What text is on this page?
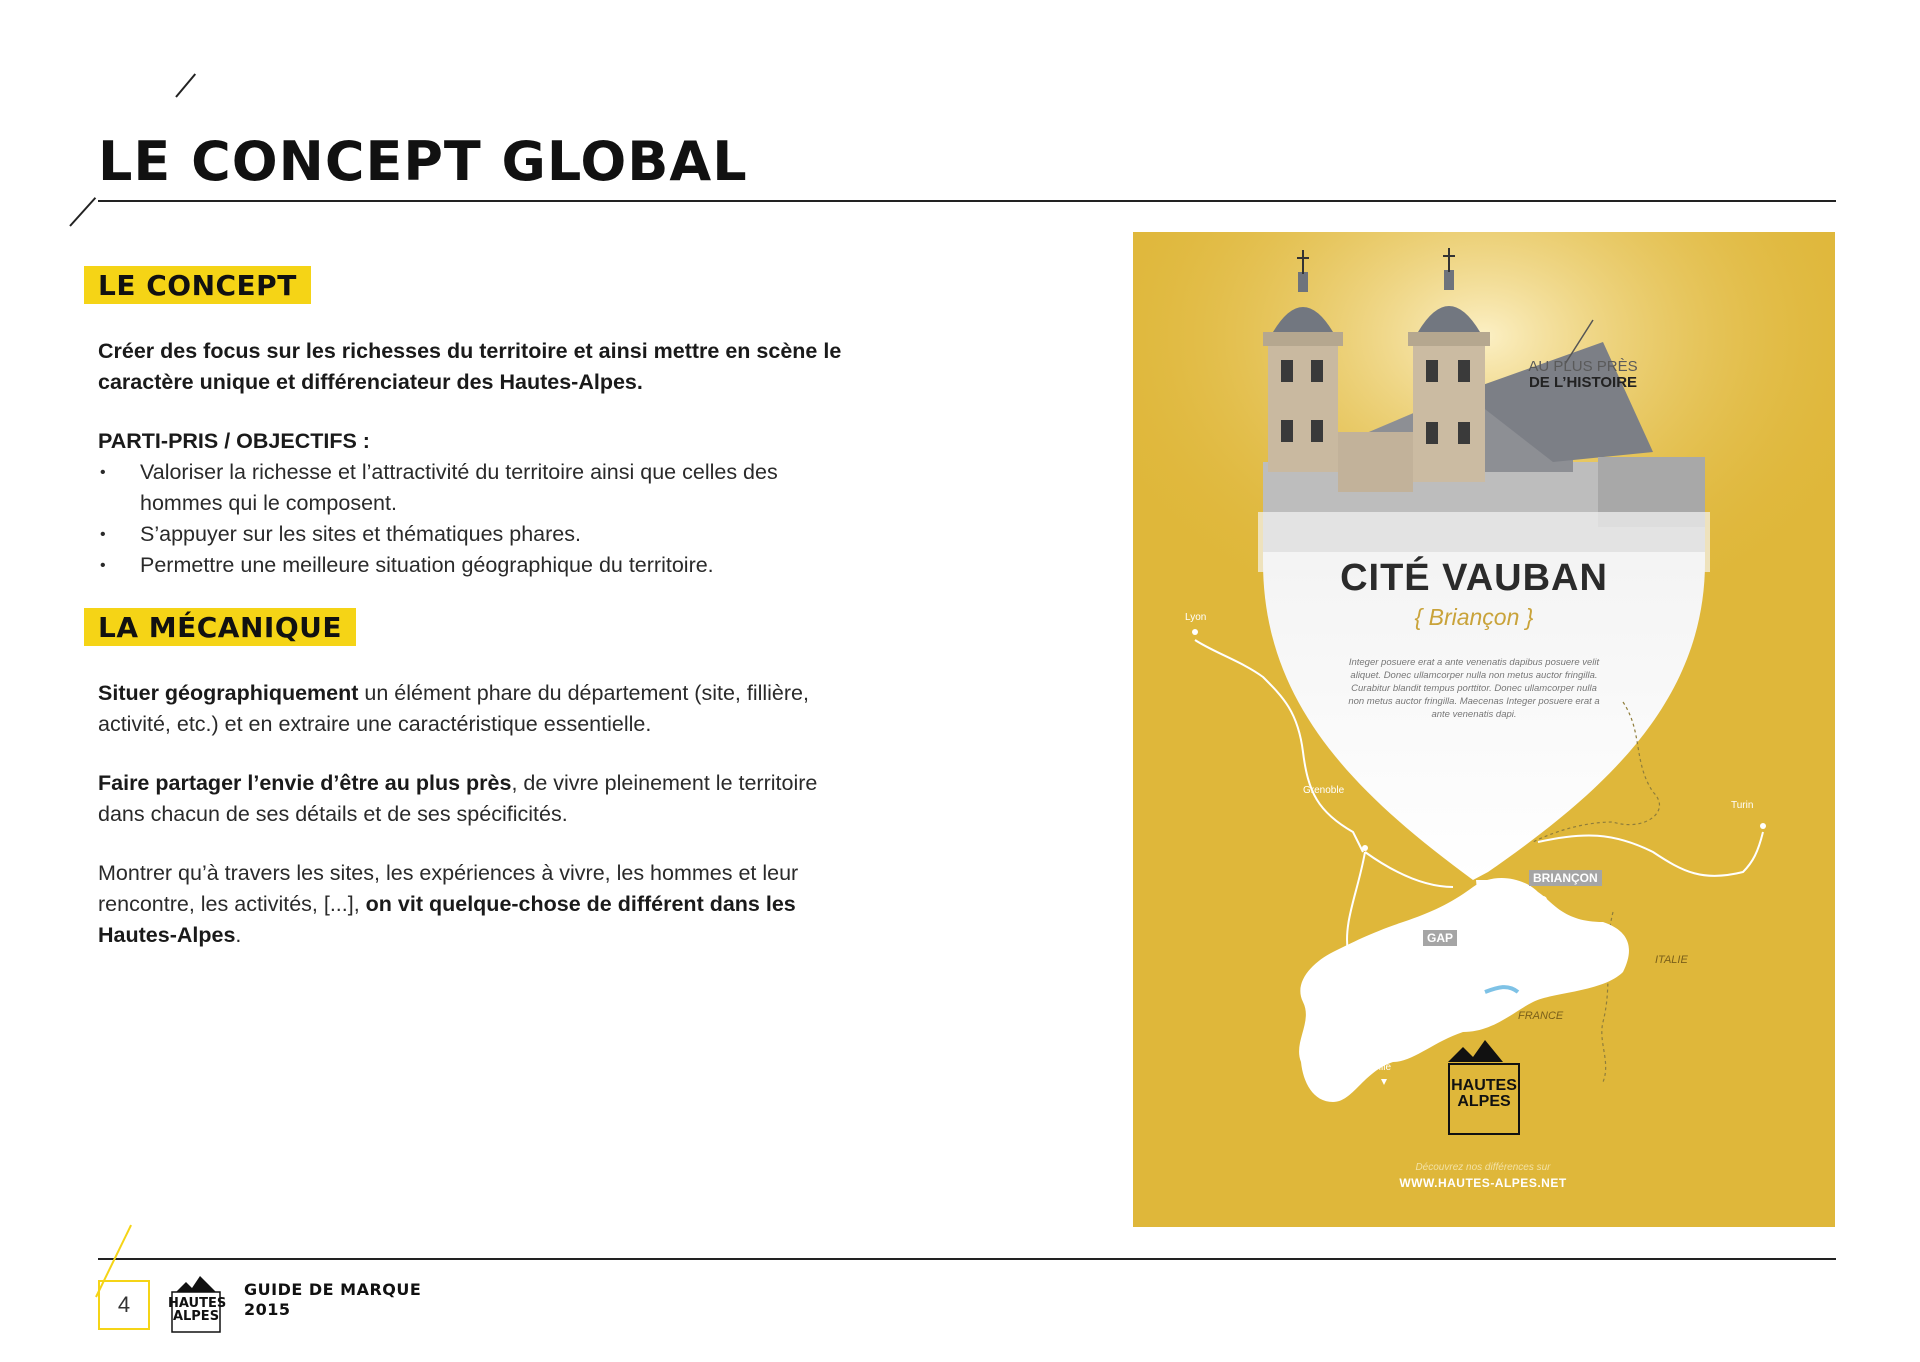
LE CONCEPT GLOBAL
LE CONCEPT
Créer des focus sur les richesses du territoire et ainsi mettre en scène le caractère unique et différenciateur des Hautes-Alpes.
PARTI-PRIS / OBJECTIFS :
• Valoriser la richesse et l’attractivité du territoire ainsi que celles des hommes qui le composent.
• S’appuyer sur les sites et thématiques phares.
• Permettre une meilleure situation géographique du territoire.
LA MÉCANIQUE
Situer géographiquement un élément phare du département (site, fillière, activité, etc.) et en extraire une caractéristique essentielle.
Faire partager l’envie d’être au plus près, de vivre pleinement le territoire dans chacun de ses détails et de ses spécificités.
Montrer qu’à travers les sites, les expériences à vivre, les hommes et leur rencontre, les activités, [...], on vit quelque-chose de différent dans les Hautes-Alpes.
AU PLUS PRÈS
DE L’HISTOIRE
CITÉ VAUBAN
{ Briançon }
Integer posuere erat a ante venenatis dapibus posuere velit aliquet. Donec ullamcorper nulla non metus auctor fringilla. Curabitur blandit tempus porttitor. Donec ullamcorper nulla non metus auctor fringilla. Maecenas Integer posuere erat a ante venenatis dapi.
Lyon
Grenoble
Turin
Marseille
BRIANÇON
GAP
ITALIE
FRANCE
HAUTES
ALPES
Découvrez nos différences sur
WWW.HAUTES-ALPES.NET
4	HAUTES
ALPES
GUIDE DE MARQUE
2015
